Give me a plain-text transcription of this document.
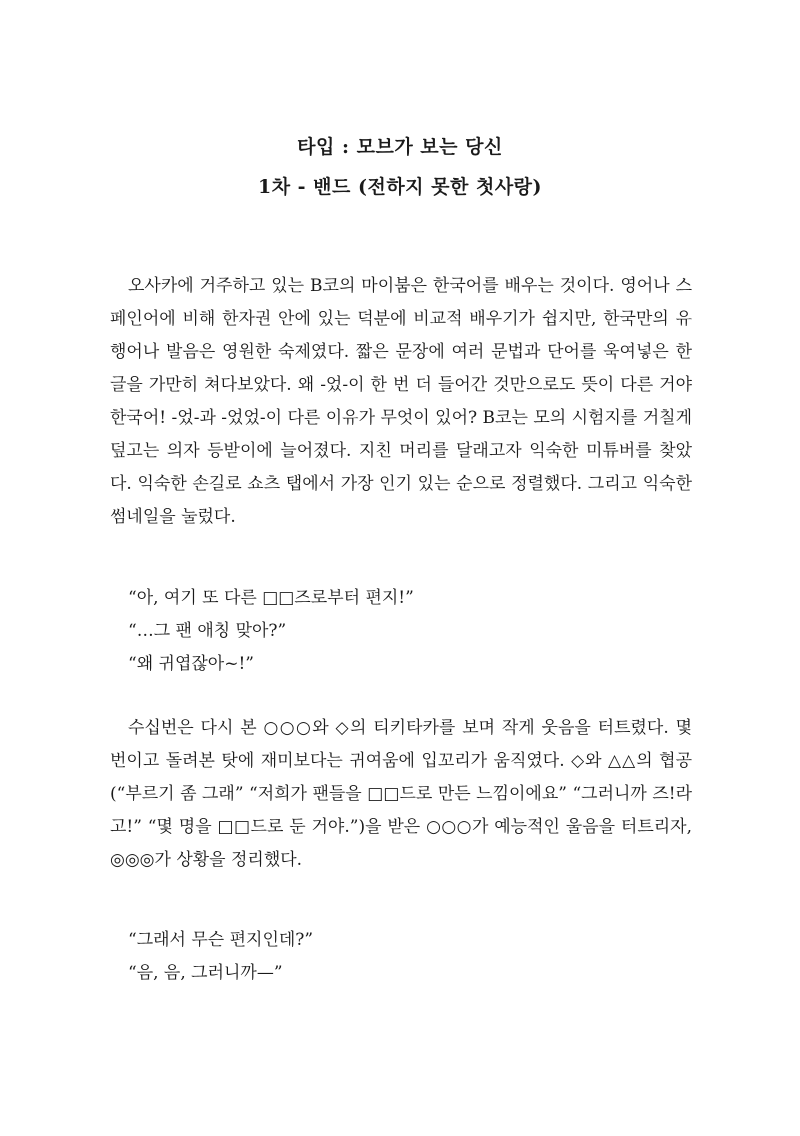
타입 : 모브가 보는 당신
1차 - 밴드 (전하지 못한 첫사랑)

오사카에 거주하고 있는 B코의 마이붐은 한국어를 배우는 것이다. 영어나 스페인어에 비해 한자권 안에 있는 덕분에 비교적 배우기가 쉽지만, 한국만의 유행어나 발음은 영원한 숙제였다. 짧은 문장에 여러 문법과 단어를 욱여넣은 한글을 가만히 쳐다보았다. 왜 -었-이 한 번 더 들어간 것만으로도 뜻이 다른 거야 한국어! -었-과 -었었-이 다른 이유가 무엇이 있어? B코는 모의 시험지를 거칠게 덮고는 의자 등받이에 늘어졌다. 지친 머리를 달래고자 익숙한 미튜버를 찾았다. 익숙한 손길로 쇼츠 탭에서 가장 인기 있는 순으로 정렬했다. 그리고 익숙한 썸네일을 눌렀다.

“아, 여기 또 다른 □□즈로부터 편지!”
“…그 팬 애칭 맞아?”
“왜 귀엽잖아~!”

수십번은 다시 본 ○○○와 ◇의 티키타카를 보며 작게 웃음을 터트렸다. 몇 번이고 돌려본 탓에 재미보다는 귀여움에 입꼬리가 움직였다. ◇와 △△의 협공(“부르기 좀 그래” “저희가 팬들을 □□드로 만든 느낌이에요” “그러니까 즈!라고!” “몇 명을 □□드로 둔 거야.”)을 받은 ○○○가 예능적인 울음을 터트리자, ◎◎◎가 상황을 정리했다.

“그래서 무슨 편지인데?”
“음, 음, 그러니까—”
